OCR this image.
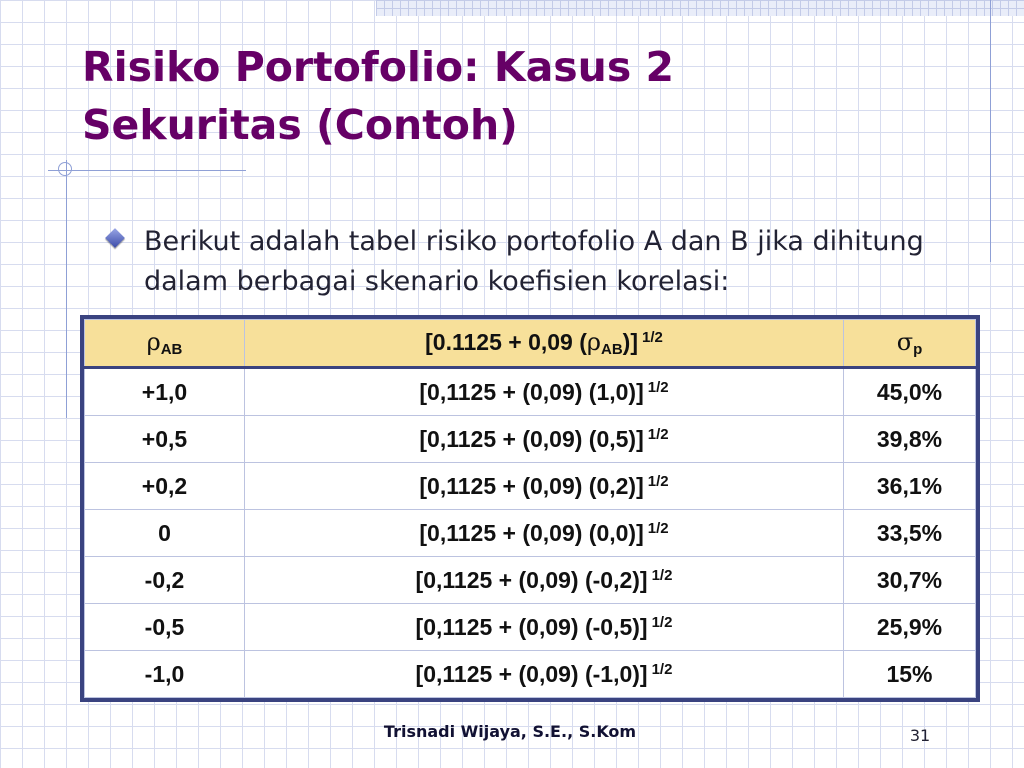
Risiko Portofolio: Kasus 2
Sekuritas (Contoh)

Berikut adalah tabel risiko portofolio A dan B jika dihitung dalam berbagai skenario koefisien korelasi:

$\rho_{AB}$	[0.1125 + 0,09 $(\rho_{AB})$] $^{1/2}$	$\sigma_p$
+1,0	[0,1125 + (0,09) (1,0)] $^{1/2}$	45,0%
+0,5	[0,1125 + (0,09) (0,5)] $^{1/2}$	39,8%
+0,2	[0,1125 + (0,09) (0,2)] $^{1/2}$	36,1%
0	[0,1125 + (0,09) (0,0)] $^{1/2}$	33,5%
-0,2	[0,1125 + (0,09) (-0,2)] $^{1/2}$	30,7%
-0,5	[0,1125 + (0,09) (-0,5)] $^{1/2}$	25,9%
-1,0	[0,1125 + (0,09) (-1,0)] $^{1/2}$	15%
Trisnadi Wijaya, S.E., S.Kom	31
